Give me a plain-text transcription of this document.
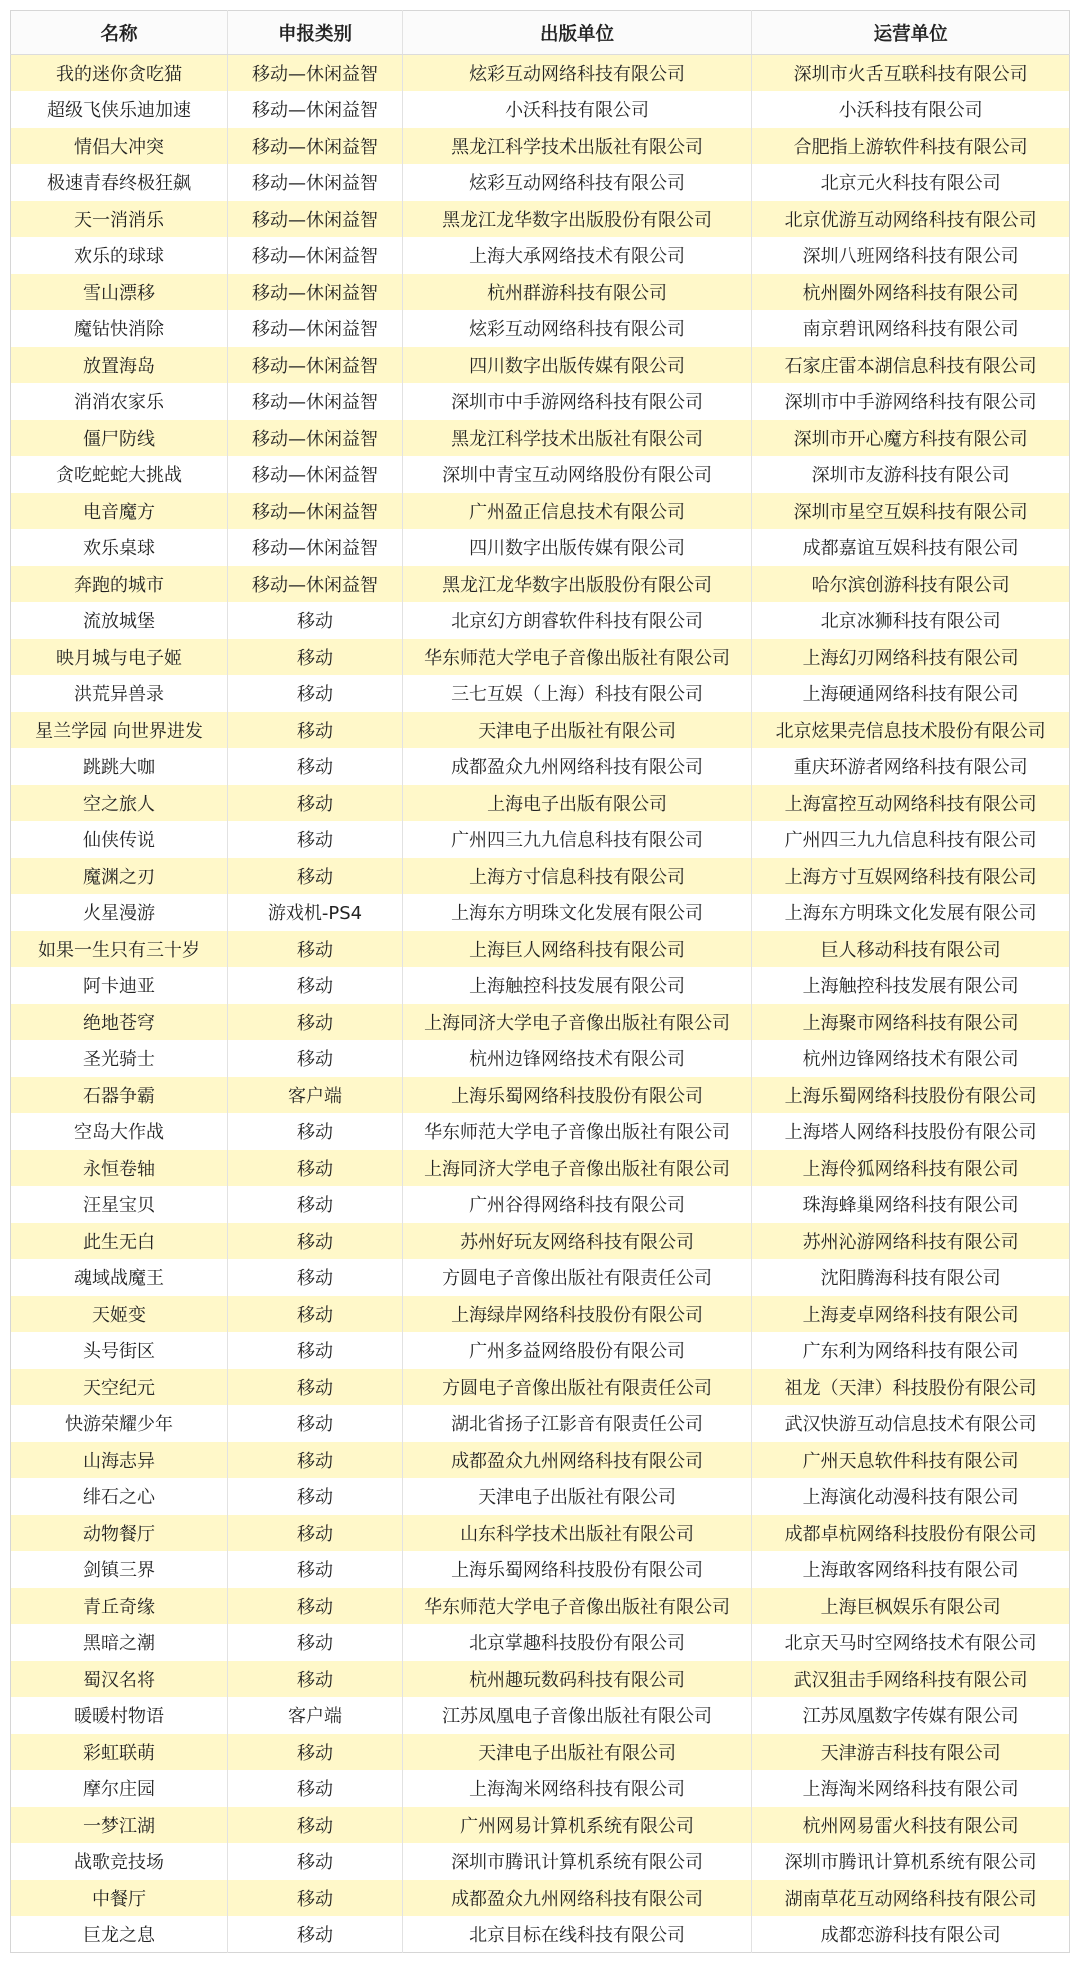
名称	申报类别	出版单位	运营单位
我的迷你贪吃猫	移动—休闲益智	炫彩互动网络科技有限公司	深圳市火舌互联科技有限公司
超级飞侠乐迪加速	移动—休闲益智	小沃科技有限公司	小沃科技有限公司
情侣大冲突	移动—休闲益智	黑龙江科学技术出版社有限公司	合肥指上游软件科技有限公司
极速青春终极狂飙	移动—休闲益智	炫彩互动网络科技有限公司	北京元火科技有限公司
天一消消乐	移动—休闲益智	黑龙江龙华数字出版股份有限公司	北京优游互动网络科技有限公司
欢乐的球球	移动—休闲益智	上海大承网络技术有限公司	深圳八班网络科技有限公司
雪山漂移	移动—休闲益智	杭州群游科技有限公司	杭州圈外网络科技有限公司
魔钻快消除	移动—休闲益智	炫彩互动网络科技有限公司	南京碧讯网络科技有限公司
放置海岛	移动—休闲益智	四川数字出版传媒有限公司	石家庄雷本湖信息科技有限公司
消消农家乐	移动—休闲益智	深圳市中手游网络科技有限公司	深圳市中手游网络科技有限公司
僵尸防线	移动—休闲益智	黑龙江科学技术出版社有限公司	深圳市开心魔方科技有限公司
贪吃蛇蛇大挑战	移动—休闲益智	深圳中青宝互动网络股份有限公司	深圳市友游科技有限公司
电音魔方	移动—休闲益智	广州盈正信息技术有限公司	深圳市星空互娱科技有限公司
欢乐桌球	移动—休闲益智	四川数字出版传媒有限公司	成都嘉谊互娱科技有限公司
奔跑的城市	移动—休闲益智	黑龙江龙华数字出版股份有限公司	哈尔滨创游科技有限公司
流放城堡	移动	北京幻方朗睿软件科技有限公司	北京冰狮科技有限公司
映月城与电子姬	移动	华东师范大学电子音像出版社有限公司	上海幻刃网络科技有限公司
洪荒异兽录	移动	三七互娱（上海）科技有限公司	上海硬通网络科技有限公司
星兰学园 向世界进发	移动	天津电子出版社有限公司	北京炫果壳信息技术股份有限公司
跳跳大咖	移动	成都盈众九州网络科技有限公司	重庆环游者网络科技有限公司
空之旅人	移动	上海电子出版有限公司	上海富控互动网络科技有限公司
仙侠传说	移动	广州四三九九信息科技有限公司	广州四三九九信息科技有限公司
魔渊之刃	移动	上海方寸信息科技有限公司	上海方寸互娱网络科技有限公司
火星漫游	游戏机-PS4	上海东方明珠文化发展有限公司	上海东方明珠文化发展有限公司
如果一生只有三十岁	移动	上海巨人网络科技有限公司	巨人移动科技有限公司
阿卡迪亚	移动	上海触控科技发展有限公司	上海触控科技发展有限公司
绝地苍穹	移动	上海同济大学电子音像出版社有限公司	上海聚市网络科技有限公司
圣光骑士	移动	杭州边锋网络技术有限公司	杭州边锋网络技术有限公司
石器争霸	客户端	上海乐蜀网络科技股份有限公司	上海乐蜀网络科技股份有限公司
空岛大作战	移动	华东师范大学电子音像出版社有限公司	上海塔人网络科技股份有限公司
永恒卷轴	移动	上海同济大学电子音像出版社有限公司	上海伶狐网络科技有限公司
汪星宝贝	移动	广州谷得网络科技有限公司	珠海蜂巢网络科技有限公司
此生无白	移动	苏州好玩友网络科技有限公司	苏州沁游网络科技有限公司
魂域战魔王	移动	方圆电子音像出版社有限责任公司	沈阳腾海科技有限公司
天姬变	移动	上海绿岸网络科技股份有限公司	上海麦卓网络科技有限公司
头号街区	移动	广州多益网络股份有限公司	广东利为网络科技有限公司
天空纪元	移动	方圆电子音像出版社有限责任公司	祖龙（天津）科技股份有限公司
快游荣耀少年	移动	湖北省扬子江影音有限责任公司	武汉快游互动信息技术有限公司
山海志异	移动	成都盈众九州网络科技有限公司	广州天息软件科技有限公司
绯石之心	移动	天津电子出版社有限公司	上海演化动漫科技有限公司
动物餐厅	移动	山东科学技术出版社有限公司	成都卓杭网络科技股份有限公司
剑镇三界	移动	上海乐蜀网络科技股份有限公司	上海敢客网络科技有限公司
青丘奇缘	移动	华东师范大学电子音像出版社有限公司	上海巨枫娱乐有限公司
黑暗之潮	移动	北京掌趣科技股份有限公司	北京天马时空网络技术有限公司
蜀汉名将	移动	杭州趣玩数码科技有限公司	武汉狙击手网络科技有限公司
暖暖村物语	客户端	江苏凤凰电子音像出版社有限公司	江苏凤凰数字传媒有限公司
彩虹联萌	移动	天津电子出版社有限公司	天津游吉科技有限公司
摩尔庄园	移动	上海淘米网络科技有限公司	上海淘米网络科技有限公司
一梦江湖	移动	广州网易计算机系统有限公司	杭州网易雷火科技有限公司
战歌竞技场	移动	深圳市腾讯计算机系统有限公司	深圳市腾讯计算机系统有限公司
中餐厅	移动	成都盈众九州网络科技有限公司	湖南草花互动网络科技有限公司
巨龙之息	移动	北京目标在线科技有限公司	成都恋游科技有限公司
